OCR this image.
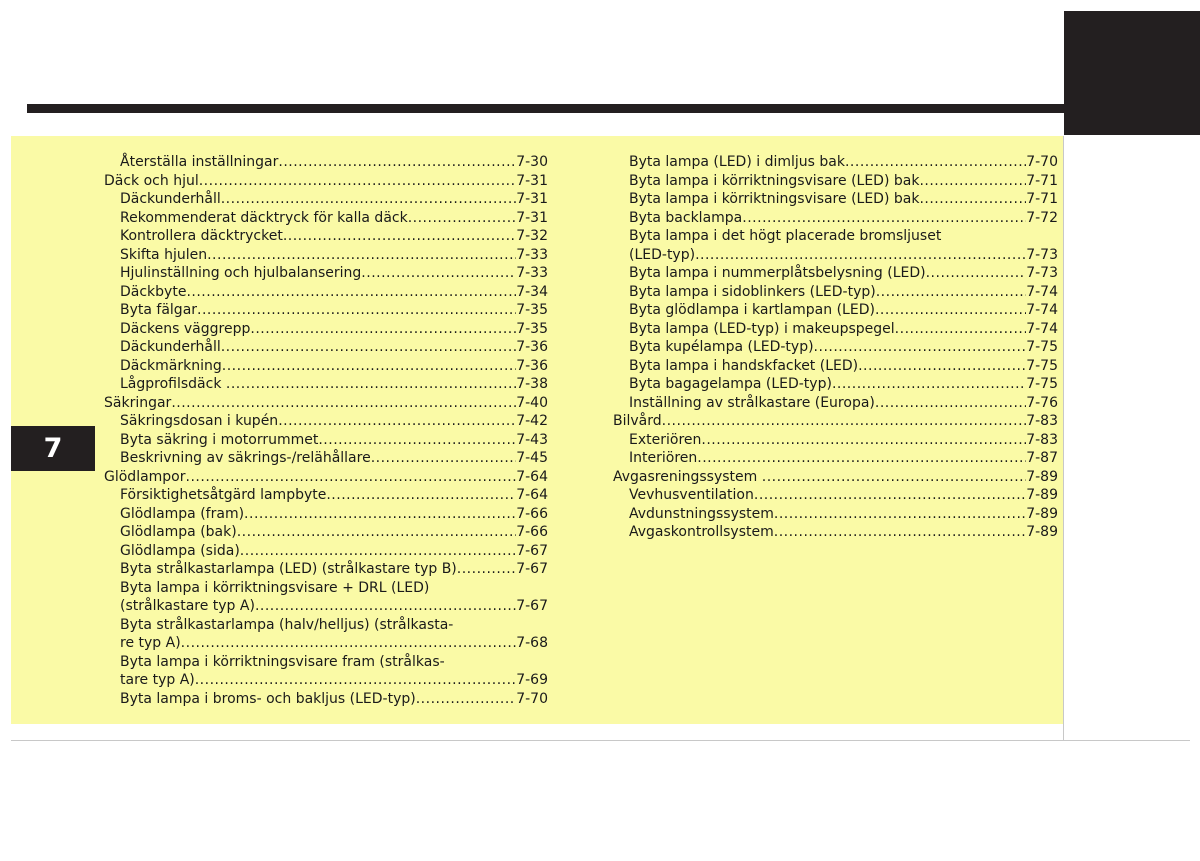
7
Återställa inställningar .....	7-30
Däck och hjul .....	7-31
Däckunderhåll .....	7-31
Rekommenderat däcktryck för kalla däck .....	7-31
Kontrollera däcktrycket .....	7-32
Skifta hjulen .....	7-33
Hjulinställning och hjulbalansering .....	7-33
Däckbyte .....	7-34
Byta fälgar .....	7-35
Däckens väggrepp .....	7-35
Däckunderhåll .....	7-36
Däckmärkning .....	7-36
Lågprofilsdäck .....	7-38
Säkringar .....	7-40
Säkringsdosan i kupén .....	7-42
Byta säkring i motorrummet .....	7-43
Beskrivning av säkrings-/relähållare .....	7-45
Glödlampor .....	7-64
Försiktighetsåtgärd lampbyte .....	7-64
Glödlampa (fram) .....	7-66
Glödlampa (bak) .....	7-66
Glödlampa (sida) .....	7-67
Byta strålkastarlampa (LED) (strålkastare typ B) .....	7-67
Byta lampa i körriktningsvisare + DRL (LED)
(strålkastare typ A) .....	7-67
Byta strålkastarlampa (halv/helljus) (strålkasta-
re typ A) .....	7-68
Byta lampa i körriktningsvisare fram (strålkas-
tare typ A) .....	7-69
Byta lampa i broms- och bakljus (LED-typ) .....	7-70
Byta lampa (LED) i dimljus bak .....	7-70
Byta lampa i körriktningsvisare (LED) bak .....	7-71
Byta lampa i körriktningsvisare (LED) bak .....	7-71
Byta backlampa .....	7-72
Byta lampa i det högt placerade bromsljuset
(LED-typ) .....	7-73
Byta lampa i nummerplåtsbelysning (LED) .....	7-73
Byta lampa i sidoblinkers (LED-typ) .....	7-74
Byta glödlampa i kartlampan (LED) .....	7-74
Byta lampa (LED-typ) i makeupspegel .....	7-74
Byta kupélampa (LED-typ) .....	7-75
Byta lampa i handskfacket (LED) .....	7-75
Byta bagagelampa (LED-typ) .....	7-75
Inställning av strålkastare (Europa) .....	7-76
Bilvård .....	7-83
Exteriören .....	7-83
Interiören .....	7-87
Avgasreningssystem .....	7-89
Vevhusventilation .....	7-89
Avdunstningssystem .....	7-89
Avgaskontrollsystem .....	7-89
